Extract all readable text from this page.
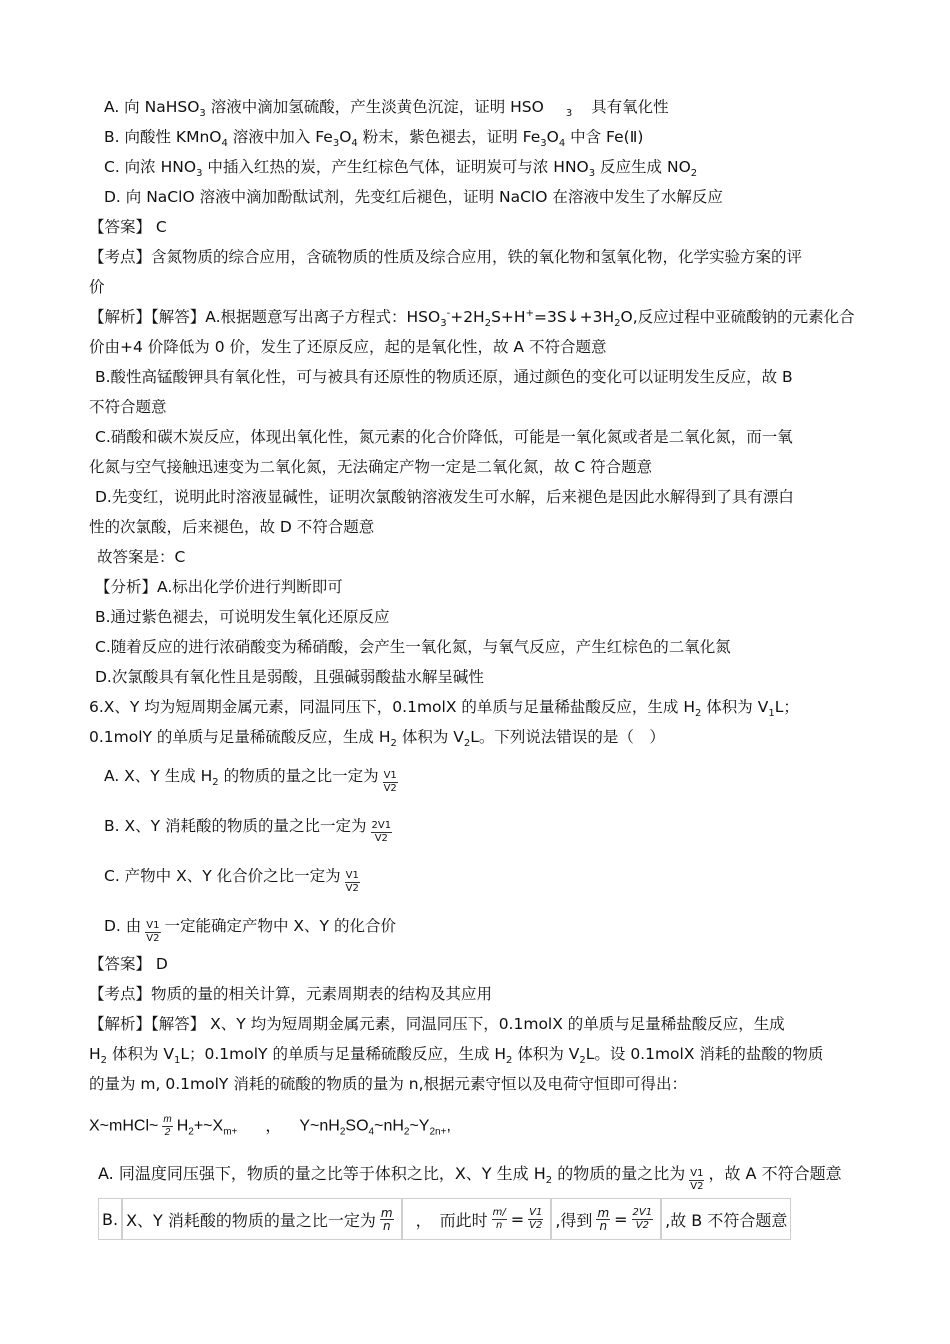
A. 向 NaHSO$_3$ 溶液中滴加氢硫酸，产生淡黄色沉淀，证明 HSO $_3$ 具有氧化性
B. 向酸性 KMnO$_4$ 溶液中加入 $Fe_3O_4$ 粉末，紫色褪去，证明 $Fe_3O_4$ 中含 Fe(Ⅱ)
C. 向浓 $HNO_3$ 中插入红热的炭，产生红棕色气体，证明炭可与浓 $HNO_3$ 反应生成 $NO_2$
D. 向 NaClO 溶液中滴加酚酞试剂，先变红后褪色，证明 NaClO 在溶液中发生了水解反应
【答案】 C
【考点】含氮物质的综合应用，含硫物质的性质及综合应用，铁的氧化物和氢氧化物，化学实验方案的评
价
【解析】【解答】A.根据题意写出离子方程式：$HSO_3^-+2H_2S+H^+=3S↓+3H_2O$,反应过程中亚硫酸钠的元素化合
价由+4 价降低为 0 价，发生了还原反应，起的是氧化性，故 A 不符合题意
B.酸性高锰酸钾具有氧化性，可与被具有还原性的物质还原，通过颜色的变化可以证明发生反应，故 B
不符合题意
C.硝酸和碳木炭反应，体现出氧化性，氮元素的化合价降低，可能是一氧化氮或者是二氧化氮，而一氧
化氮与空气接触迅速变为二氧化氮，无法确定产物一定是二氧化氮，故 C 符合题意
D.先变红，说明此时溶液显碱性，证明次氯酸钠溶液发生可水解，后来褪色是因此水解得到了具有漂白
性的次氯酸，后来褪色，故 D 不符合题意
故答案是：C
【分析】A.标出化学价进行判断即可
B.通过紫色褪去，可说明发生氧化还原反应
C.随着反应的进行浓硝酸变为稀硝酸，会产生一氧化氮，与氧气反应，产生红棕色的二氧化氮
D.次氯酸具有氧化性且是弱酸，且强碱弱酸盐水解呈碱性
6.X、Y 均为短周期金属元素，同温同压下，0.1molX 的单质与足量稀盐酸反应，生成 $H_2$ 体积为 $V_1L$；
0.1molY 的单质与足量稀硫酸反应，生成 $H_2$ 体积为 $V_2L$。下列说法错误的是（　）
A. X、Y 生成 $H_2$ 的物质的量之比一定为 $\frac{V1}{V2}$
B. X、Y 消耗酸的物质的量之比一定为 $\frac{2V1}{V2}$
C. 产物中 X、Y 化合价之比一定为 $\frac{V1}{V2}$
D. 由 $\frac{V1}{V2}$ 一定能确定产物中 X、Y 的化合价
【答案】 D
【考点】物质的量的相关计算，元素周期表的结构及其应用
【解析】【解答】 X、Y 均为短周期金属元素，同温同压下，0.1molX 的单质与足量稀盐酸反应，生成
$H_2$ 体积为 $V_1L$；0.1molY 的单质与足量稀硫酸反应，生成 $H_2$ 体积为 $V_2L$。设 0.1molX 消耗的盐酸的物质
的量为 m, 0.1molY 消耗的硫酸的物质的量为 n,根据元素守恒以及电荷守恒即可得出：
X~mHCl~ $\frac{m}{2}$ $H_2+\sim X_{m+}$ ， $Y\sim nH_2SO_4\sim nH_2\sim Y_{2n+}$,
A. 同温度同压强下，物质的量之比等于体积之比，X、Y 生成 $H_2$ 的物质的量之比为 $\frac{V1}{V2}$ ，故 A 不符合题意
B. X、Y 消耗酸的物质的量之比一定为 $\frac{m}{n}$ ，　而此时 $\frac{m/}{n} = \frac{V1}{V2}$ ,得到 $\frac{m}{n} = \frac{2V1}{V2}$ ,故 B 不符合题意
